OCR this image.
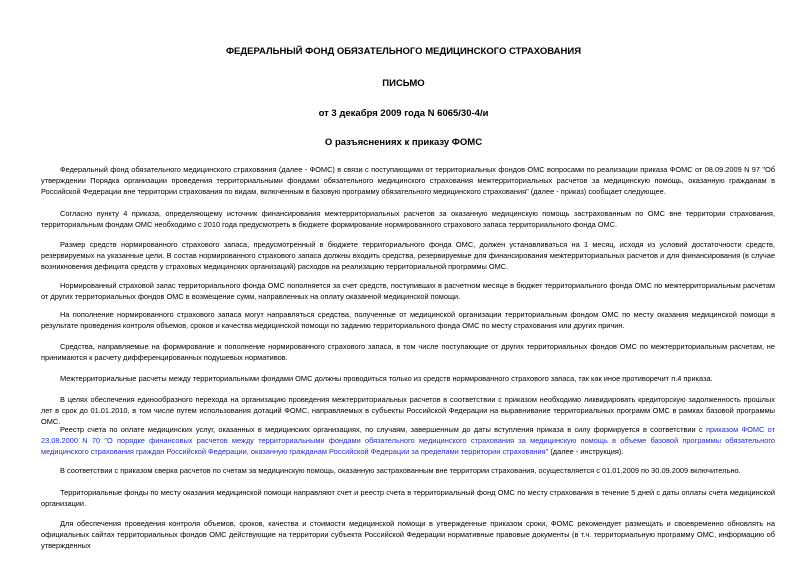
ФЕДЕРАЛЬНЫЙ ФОНД ОБЯЗАТЕЛЬНОГО МЕДИЦИНСКОГО СТРАХОВАНИЯ
ПИСЬМО
от 3 декабря 2009 года N 6065/30-4/и
О разъяснениях к приказу ФОМС

Федеральный фонд обязательного медицинского страхования (далее - ФОМС) в связи с поступающими от территориальных фондов ОМС вопросами по реализации приказа ФОМС от 08.09.2009 N 97 "Об утверждении Порядка организации проведения территориальными фондами обязательного медицинского страхования межтерриториальных расчетов за медицинскую помощь, оказанную гражданам в Российской Федерации вне территории страхования по видам, включенным в базовую программу обязательного медицинского страхования" (далее - приказ) сообщает следующее.

Согласно пункту 4 приказа, определяющему источник финансирования межтерриториальных расчетов за оказанную медицинскую помощь застрахованным по ОМС вне территории страхования, территориальным фондам ОМС необходимо с 2010 года предусмотреть в бюджете формирование нормированного страхового запаса территориального фонда ОМС.

Размер средств нормированного страхового запаса, предусмотренный в бюджете территориального фонда ОМС, должен устанавливаться на 1 месяц, исходя из условий достаточности средств, резервируемых на указанные цели. В состав нормированного страхового запаса должны входить средства, резервируемые для финансирования межтерриториальных расчетов и для финансирования (в случае возникновения дефицита средств у страховых медицинских организаций) расходов на реализацию территориальной программы ОМС.

Нормированный страховой запас территориального фонда ОМС пополняется за счет средств, поступивших в расчетном месяце в бюджет территориального фонда ОМС по межтерриториальным расчетам от других территориальных фондов ОМС в возмещение сумм, направленных на оплату оказанной медицинской помощи.

На пополнение нормированного страхового запаса могут направляться средства, полученные от медицинской организации территориальным фондом ОМС по месту оказания медицинской помощи в результате проведения контроля объемов, сроков и качества медицинской помощи по заданию территориального фонда ОМС по месту страхования или других причин.

Средства, направляемые на формирование и пополнение нормированного страхового запаса, в том числе поступающие от других территориальных фондов ОМС по межтерриториальным расчетам, не принимаются к расчету дифференцированных подушевых нормативов.

Межтерриториальные расчеты между территориальными фондами ОМС должны проводиться только из средств нормированного страхового запаса, так как иное противоречит п.4 приказа.

В целях обеспечения единообразного перехода на организацию проведения межтерриториальных расчетов в соответствии с приказом необходимо ликвидировать кредиторскую задолженность прошлых лет в срок до 01.01.2010, в том числе путем использования дотаций ФОМС, направляемых в субъекты Российской Федерации на выравнивание территориальных программ ОМС в рамках базовой программы ОМС.

Реестр счета по оплате медицинских услуг, оказанных в медицинских организациях, по случаям, завершенным до даты вступления приказа в силу формируется в соответствии с приказом ФОМС от 23.08.2000 N 70 "О порядке финансовых расчетов между территориальными фондами обязательного медицинского страхования за медицинскую помощь в объеме базовой программы обязательного медицинского страхования граждан Российской Федерации, оказанную гражданам Российской Федерации за пределами территории страхования" (далее - инструкция).

В соответствии с приказом сверка расчетов по счетам за медицинскую помощь, оказанную застрахованным вне территории страхования, осуществляется с 01.01.2009 по 30.09.2009 включительно.

Территориальные фонды по месту оказания медицинской помощи направляют счет и реестр счета в территориальный фонд ОМС по месту страхования в течение 5 дней с даты оплаты счета медицинской организации.

Для обеспечения проведения контроля объемов, сроков, качества и стоимости медицинской помощи в утвержденные приказом сроки, ФОМС рекомендует размещать и своевременно обновлять на официальных сайтах территориальных фондов ОМС действующие на территории субъекта Российской Федерации нормативные правовые документы (в т.ч. территориальную программу ОМС, информацию об утвержденных
